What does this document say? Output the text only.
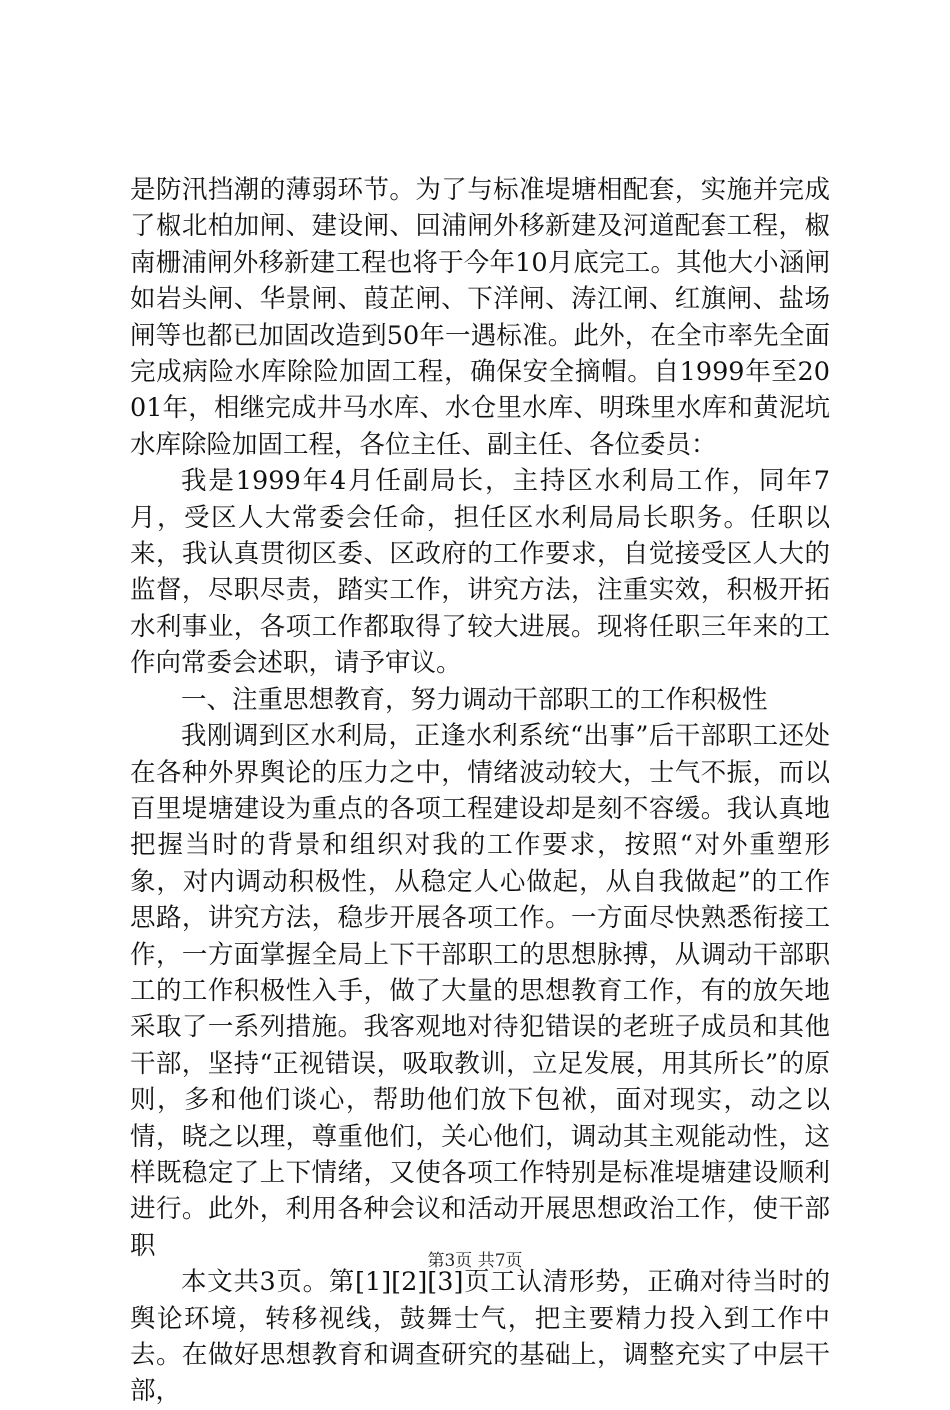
是防汛挡潮的薄弱环节。为了与标准堤塘相配套，实施并完成了椒北柏加闸、建设闸、回浦闸外移新建及河道配套工程，椒南栅浦闸外移新建工程也将于今年10月底完工。其他大小涵闸如岩头闸、华景闸、葭芷闸、下洋闸、涛江闸、红旗闸、盐场闸等也都已加固改造到50年一遇标准。此外，在全市率先全面完成病险水库除险加固工程，确保安全摘帽。自1999年至2001年，相继完成井马水库、水仓里水库、明珠里水库和黄泥坑水库除险加固工程，各位主任、副主任、各位委员：

我是1999年4月任副局长，主持区水利局工作，同年7月，受区人大常委会任命，担任区水利局局长职务。任职以来，我认真贯彻区委、区政府的工作要求，自觉接受区人大的监督，尽职尽责，踏实工作，讲究方法，注重实效，积极开拓水利事业，各项工作都取得了较大进展。现将任职三年来的工作向常委会述职，请予审议。

一、注重思想教育，努力调动干部职工的工作积极性

我刚调到区水利局，正逢水利系统“出事”后干部职工还处在各种外界舆论的压力之中，情绪波动较大，士气不振，而以百里堤塘建设为重点的各项工程建设却是刻不容缓。我认真地把握当时的背景和组织对我的工作要求，按照“对外重塑形象，对内调动积极性，从稳定人心做起，从自我做起”的工作思路，讲究方法，稳步开展各项工作。一方面尽快熟悉衔接工作，一方面掌握全局上下干部职工的思想脉搏，从调动干部职工的工作积极性入手，做了大量的思想教育工作，有的放矢地采取了一系列措施。我客观地对待犯错误的老班子成员和其他干部，坚持“正视错误，吸取教训，立足发展，用其所长”的原则，多和他们谈心，帮助他们放下包袱，面对现实，动之以情，晓之以理，尊重他们，关心他们，调动其主观能动性，这样既稳定了上下情绪，又使各项工作特别是标准堤塘建设顺利进行。此外，利用各种会议和活动开展思想政治工作，使干部职

本文共3页。第[1][2][3]页工认清形势，正确对待当时的舆论环境，转移视线，鼓舞士气，把主要精力投入到工作中去。在做好思想教育和调查研究的基础上，调整充实了中层干部，

第3页 共7页
